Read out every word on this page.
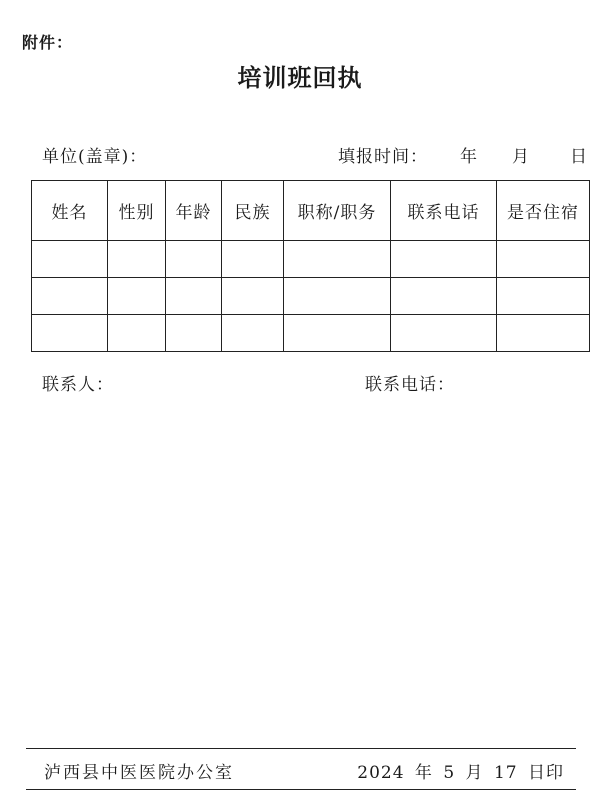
附件：
培训班回执
单位(盖章)：	填报时间： 年 月 日
姓名	性别	年龄	民族	职称/职务	联系电话	是否住宿

联系人：	联系电话：
泸西县中医医院办公室	2024 年 5 月 17 日印
